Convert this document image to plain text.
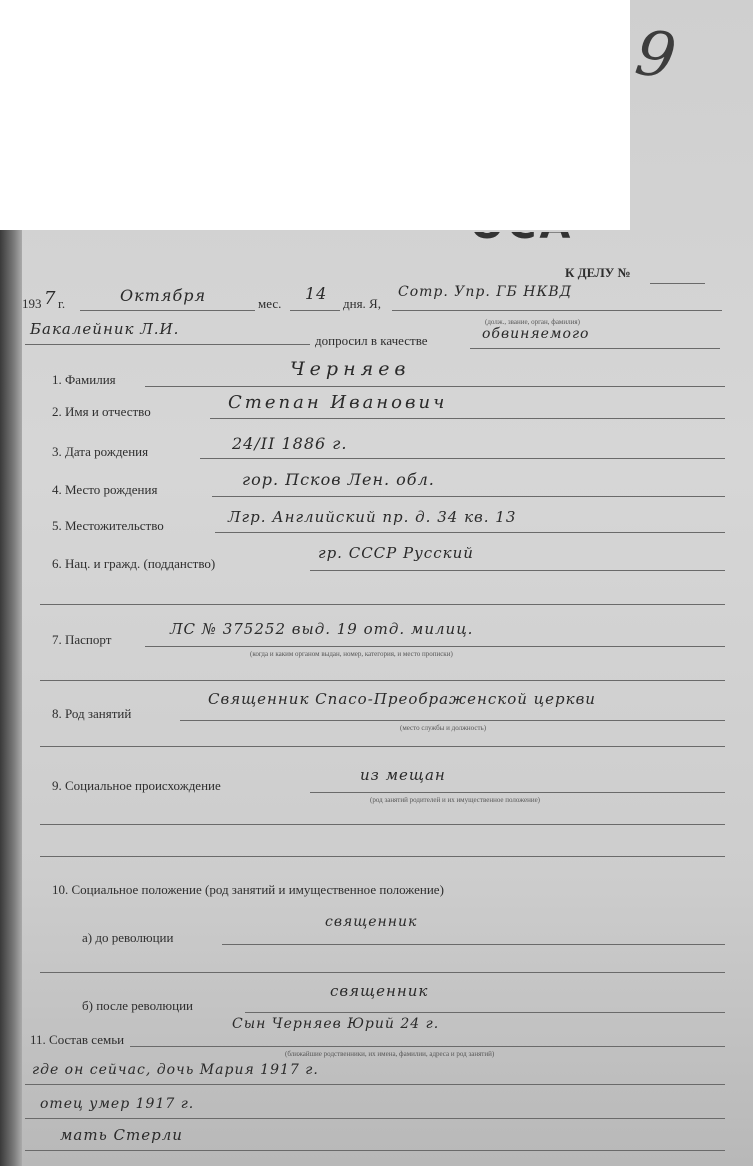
9
К ДЕЛУ №
193 7 г.	Октября	мес.
14
дня. Я,
Сотр. Упр. ГБ НКВД
(долж., звание, орган, фамилия)
Бакалейник Л.И.
допросил в качестве	обвиняемого
1. Фамилия	Черняев
2. Имя и отчество	Степан Иванович
3. Дата рождения	24/II 1886 г.
4. Место рождения
гор. Псков Лен. обл.
5. Местожительство	Лгр. Английский пр. д. 34 кв. 13
6. Нац. и гражд. (подданство)
гр. СССР Русский
7. Паспорт
ЛС № 375252 выд. 19 отд. милиц.
(когда и каким органом выдан, номер, категория, и место прописки)
8. Род занятий
Священник Спасо-Преображенской церкви
(место службы и должность)
9. Социальное происхождение
из мещан
(род занятий родителей и их имущественное положение)
10. Социальное положение (род занятий и имущественное положение)
а) до революции
священник
б) после революции
священник
11. Состав семьи
Сын Черняев Юрий 24 г.
(ближайшие родственники, их имена, фамилии, адреса и род занятий)
где он сейчас, дочь Мария 1917 г.
отец умер 1917 г.
мать Стерли
